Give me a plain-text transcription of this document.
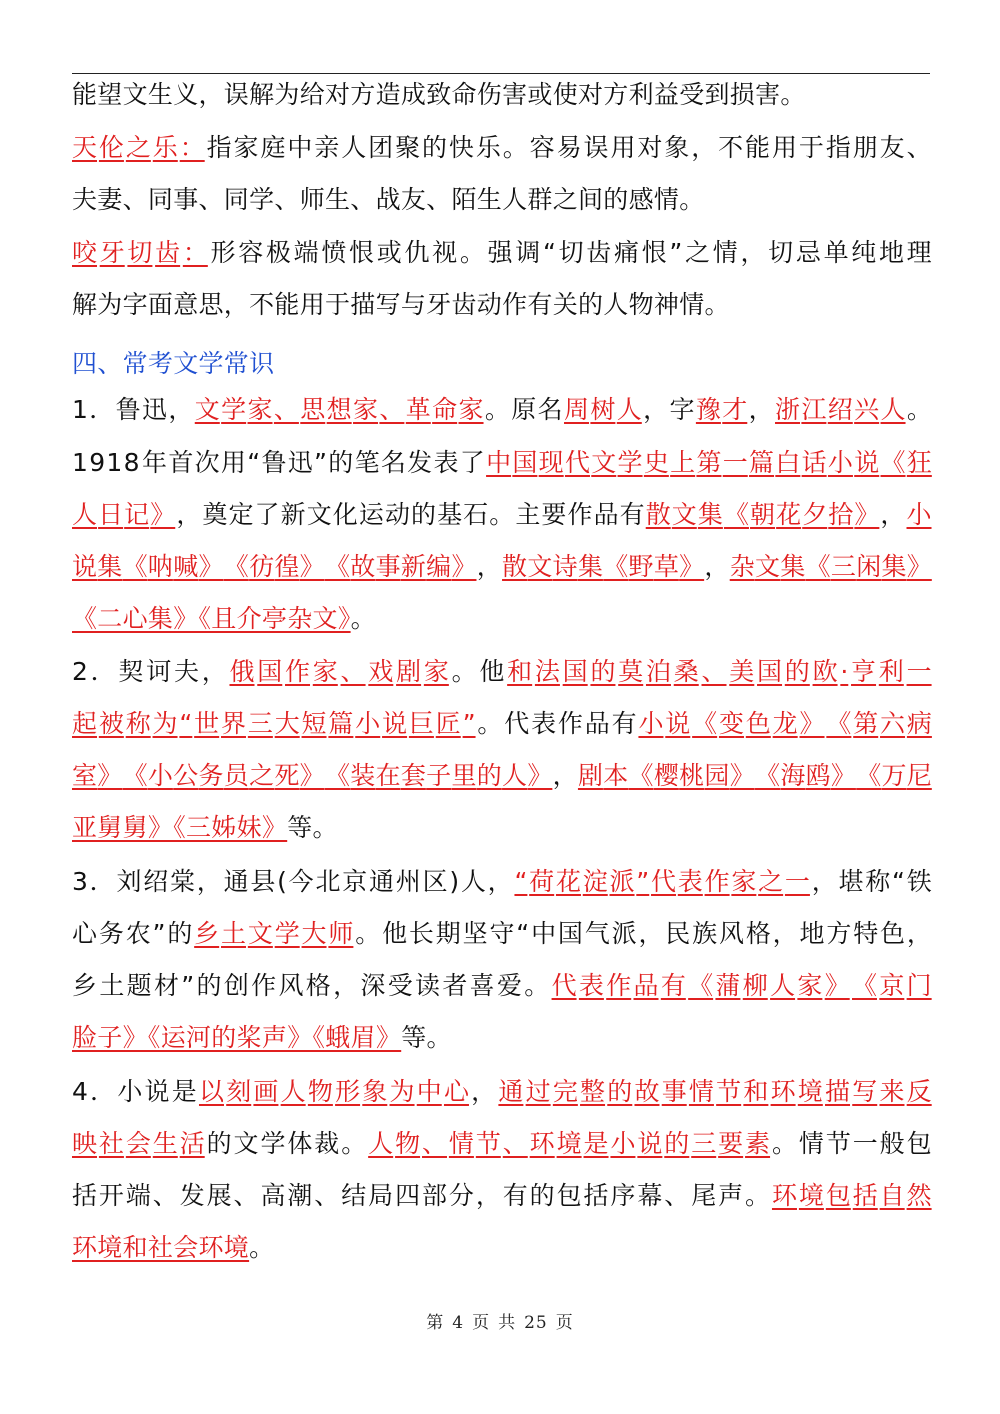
能望文生义，误解为给对方造成致命伤害或使对方利益受到损害。
天 伦 之 乐 ： 指 家 庭 中 亲 人 团 聚 的 快 乐 。 容 易 误 用 对 象 ， 不 能 用 于 指 朋 友 、
夫妻、同事、同学、师生、战友、陌生人群之间的感情。
咬 牙 切 齿 ： 形 容 极 端 愤 恨 或 仇 视 。 强 调 “ 切 齿 痛 恨 ” 之 情 ， 切 忌 单 纯 地 理
解为字面意思，不能用于描写与牙齿动作有关的人物神情。
四、常考文学常识
1 ． 鲁 迅 ， 文 学 家 、 思 想 家 、 革 命 家 。 原 名 周 树 人 ， 字 豫 才 ， 浙 江 绍 兴 人 。
1 9 1 8 年 首 次 用 “ 鲁 迅 ” 的 笔 名 发 表 了 中 国 现 代 文 学 史 上 第 一 篇 白 话 小 说 《 狂
人 日 记 》 ， 奠 定 了 新 文 化 运 动 的 基 石 。 主 要 作 品 有 散 文 集 《 朝 花 夕 拾 》 ， 小
说 集 《 呐 喊 》 《 彷 徨 》 《 故 事 新 编 》 ， 散 文 诗 集 《 野 草 》 ， 杂 文 集 《 三 闲 集 》
《二心集》《且介亭杂文》。
2 ． 契 诃 夫 ， 俄 国 作 家 、 戏 剧 家 。 他 和 法 国 的 莫 泊 桑 、 美 国 的 欧 · 亨 利 一
起 被 称 为 “ 世 界 三 大 短 篇 小 说 巨 匠 ” 。 代 表 作 品 有 小 说 《 变 色 龙 》 《 第 六 病
室 》 《 小 公 务 员 之 死 》 《 装 在 套 子 里 的 人 》 ， 剧 本 《 樱 桃 园 》 《 海 鸥 》 《 万 尼
亚舅舅》《三姊妹》等。
3 ． 刘 绍 棠 ， 通 县 ( 今 北 京 通 州 区 ) 人 ， “ 荷 花 淀 派 ” 代 表 作 家 之 一 ， 堪 称 “ 铁
心 务 农 ” 的 乡 土 文 学 大 师 。 他 长 期 坚 守 “ 中 国 气 派 ， 民 族 风 格 ， 地 方 特 色 ，
乡 土 题 材 ” 的 创 作 风 格 ， 深 受 读 者 喜 爱 。 代 表 作 品 有 《 蒲 柳 人 家 》 《 京 门
脸子》《运河的桨声》《蛾眉》等。
4 ． 小 说 是 以 刻 画 人 物 形 象 为 中 心 ， 通 过 完 整 的 故 事 情 节 和 环 境 描 写 来 反
映 社 会 生 活 的 文 学 体 裁 。 人 物 、 情 节 、 环 境 是 小 说 的 三 要 素 。 情 节 一 般 包
括 开 端 、 发 展 、 高 潮 、 结 局 四 部 分 ， 有 的 包 括 序 幕 、 尾 声 。 环 境 包 括 自 然
环境和社会环境。
第 4 页 共 25 页
